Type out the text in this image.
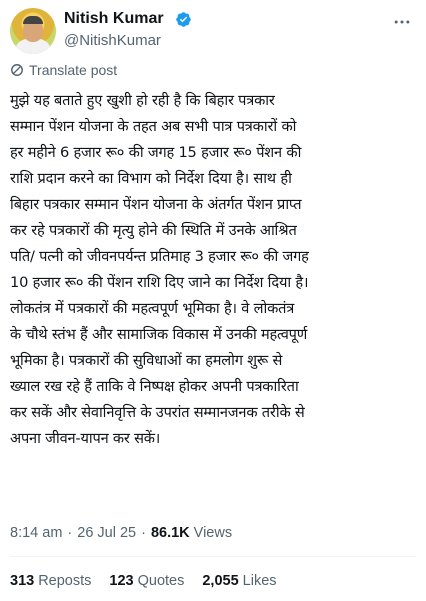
Nitish Kumar
@NitishKumar
Translate post
मुझे यह बताते हुए खुशी हो रही है कि बिहार पत्रकार
सम्मान पेंशन योजना के तहत अब सभी पात्र पत्रकारों को
हर महीने 6 हजार रू० की जगह 15 हजार रू० पेंशन की
राशि प्रदान करने का विभाग को निर्देश दिया है। साथ ही
बिहार पत्रकार सम्मान पेंशन योजना के अंतर्गत पेंशन प्राप्त
कर रहे पत्रकारों की मृत्यु होने की स्थिति में उनके आश्रित
पति/ पत्नी को जीवनपर्यन्त प्रतिमाह 3 हजार रू० की जगह
10 हजार रू० की पेंशन राशि दिए जाने का निर्देश दिया है।
लोकतंत्र में पत्रकारों की महत्वपूर्ण भूमिका है। वे लोकतंत्र
के चौथे स्तंभ हैं और सामाजिक विकास में उनकी महत्वपूर्ण
भूमिका है। पत्रकारों की सुविधाओं का हमलोग शुरू से
ख्याल रख रहे हैं ताकि वे निष्पक्ष होकर अपनी पत्रकारिता
कर सकें और सेवानिवृत्ति के उपरांत सम्मानजनक तरीके से
अपना जीवन-यापन कर सकें।
8:14 am · 26 Jul 25 · 86.1K Views
313 Reposts 123 Quotes 2,055 Likes
